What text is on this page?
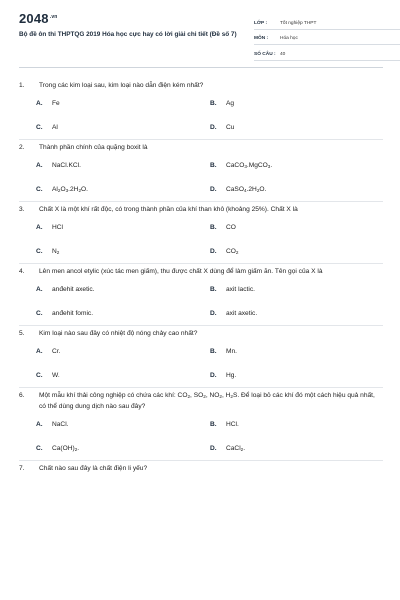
$2048^{.vn}$
Bộ đề ôn thi THPTQG 2019 Hóa học cực hay có lời giải chi tiết (Đề số 7)
LỚP :	Tốt nghiệp THPT
MÔN :	Hóa học
SỐ CÂU : 40
1.	Trong các kim loại sau, kim loại nào dẫn điện kém nhất?
A.	Fe	B.	Ag
C.	Al	D.	Cu
2.	Thành phần chính của quặng boxit là
A.	NaCl.KCl.	B.	CaCO$_3$.MgCO$_3$.
C.	$Al_2O_3.2H_2O$.	D.	$CaSO_4.2H_2O$.
3.	Chất X là một khí rất độc, có trong thành phần của khí than khô (khoảng 25%). Chất X là
A.	HCl	B.	CO
C.	$N_2$	D.	$CO_2$
4.	Lên men ancol etylic (xúc tác men giấm), thu được chất X dùng để làm giấm ăn. Tên gọi của X là
A.	anđehit axetic.	B.	axit lactic.
C.	anđehit fomic.	D.	axit axetic.
5.	Kim loại nào sau đây có nhiệt độ nóng chảy cao nhất?
A.	Cr.	B.	Mn.
C.	W.	D.	Hg.
6.	Một mẫu khí thải công nghiệp có chứa các khí: $CO_2$, $SO_2$, $NO_2$, $H_2S$. Để loại bỏ các khí đó một cách hiệu quả nhất, có thể dùng dung dịch nào sau đây?
A.	NaCl.	B.	HCl.
C.	$Ca(OH)_2$.	D.	CaCl$_2$.
7.	Chất nào sau đây là chất điện li yếu?
